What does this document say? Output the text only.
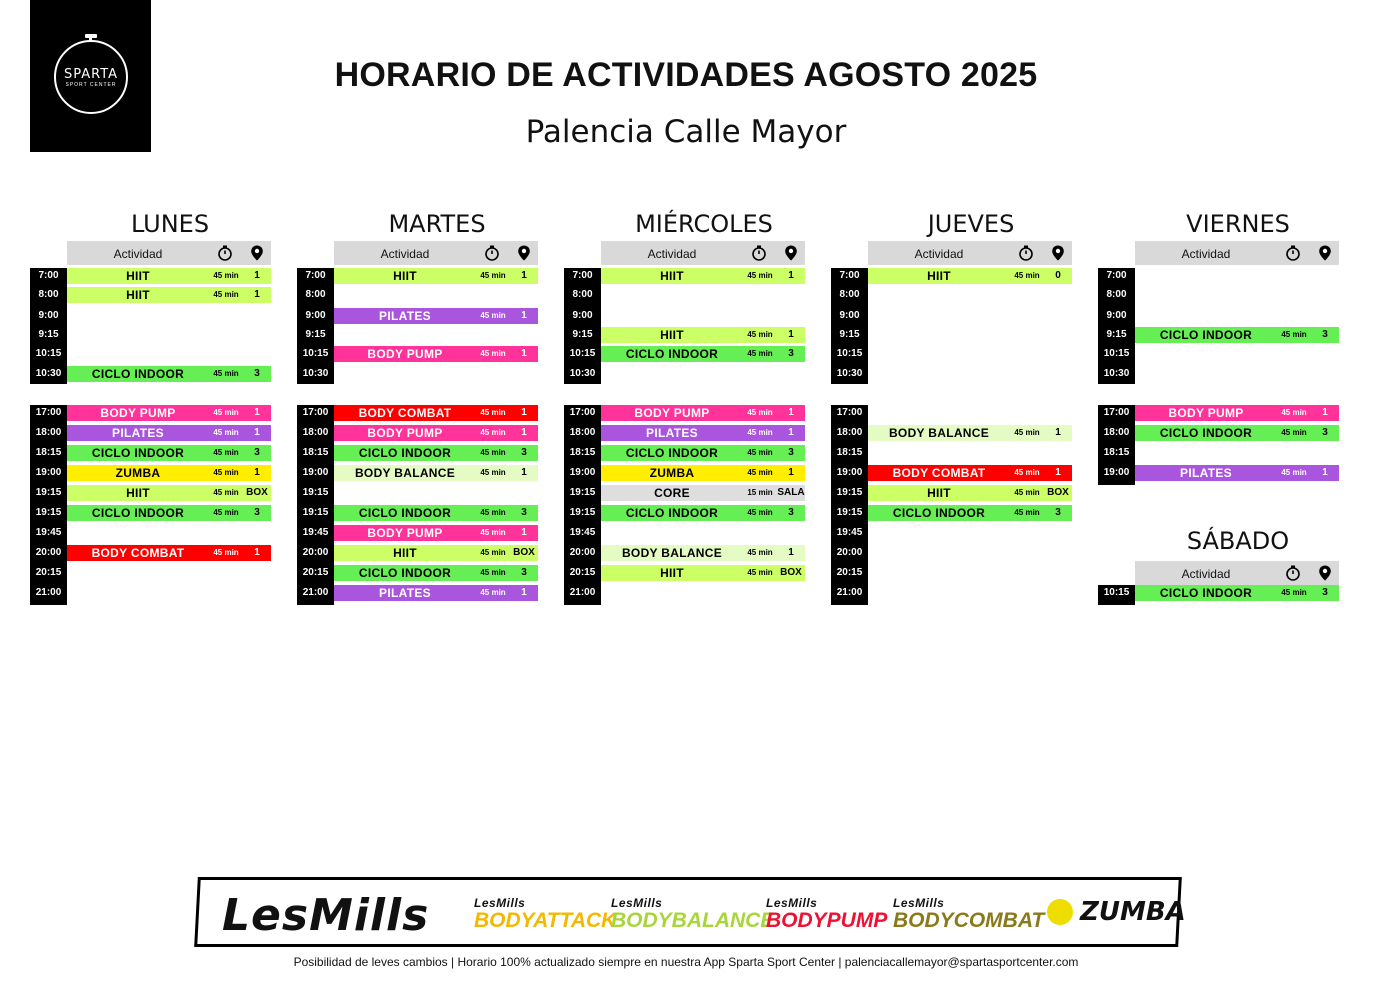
SPARTA
SPORT CENTER	HORARIO DE ACTIVIDADES AGOSTO 2025
Palencia Calle Mayor
LUNES
Actividad
7:00	HIIT	45 min	1
8:00	HIIT	45 min	1
9:00
9:15
10:15
10:30	CICLO INDOOR	45 min	3
17:00	BODY PUMP	45 min	1
18:00	PILATES	45 min	1
18:15	CICLO INDOOR	45 min	3
19:00	ZUMBA	45 min	1
19:15	HIIT	45 min BOX
19:15	CICLO INDOOR	45 min	3
19:45
20:00	BODY COMBAT	45 min	1
20:15
21:00
MARTES
Actividad
7:00	HIIT	45 min	1
8:00
9:00	PILATES	45 min	1
9:15
10:15	BODY PUMP	45 min	1
10:30
17:00	BODY COMBAT	45 min	1
18:00	BODY PUMP	45 min	1
18:15	CICLO INDOOR	45 min	3
19:00	BODY BALANCE	45 min	1
19:15
19:15	CICLO INDOOR	45 min	3
19:45	BODY PUMP	45 min	1
20:00	HIIT	45 min BOX
20:15	CICLO INDOOR	45 min	3
21:00	PILATES	45 min	1
MIÉRCOLES
Actividad
7:00	HIIT	45 min	1
8:00
9:00
9:15	HIIT	45 min	1
10:15	CICLO INDOOR	45 min	3
10:30
17:00	BODY PUMP	45 min	1
18:00	PILATES	45 min	1
18:15	CICLO INDOOR	45 min	3
19:00	ZUMBA	45 min	1
19:15	CORE	15 min SALA
19:15	CICLO INDOOR	45 min	3
19:45
20:00	BODY BALANCE	45 min	1
20:15	HIIT	45 min BOX
21:00
JUEVES
Actividad
7:00	HIIT	45 min	0
8:00
9:00
9:15
10:15
10:30
17:00
18:00	BODY BALANCE	45 min	1
18:15
19:00	BODY COMBAT	45 min	1
19:15	HIIT	45 min BOX
19:15	CICLO INDOOR	45 min	3
19:45
20:00
20:15
21:00
VIERNES
Actividad
7:00
8:00
9:00
9:15	CICLO INDOOR	45 min	3
10:15
10:30
17:00	BODY PUMP	45 min	1
18:00	CICLO INDOOR	45 min	3
18:15
19:00	PILATES	45 min	1
SÁBADO
Actividad
10:15	CICLO INDOOR	45 min	3
LesMills	LesMills
BODYATTACK
LesMills
BODYBALANCE
LesMills
BODYPUMP
LesMills
BODYCOMBAT ZUMBA
Posibilidad de leves cambios | Horario 100% actualizado siempre en nuestra App Sparta Sport Center | palenciacallemayor@spartasportcenter.com
